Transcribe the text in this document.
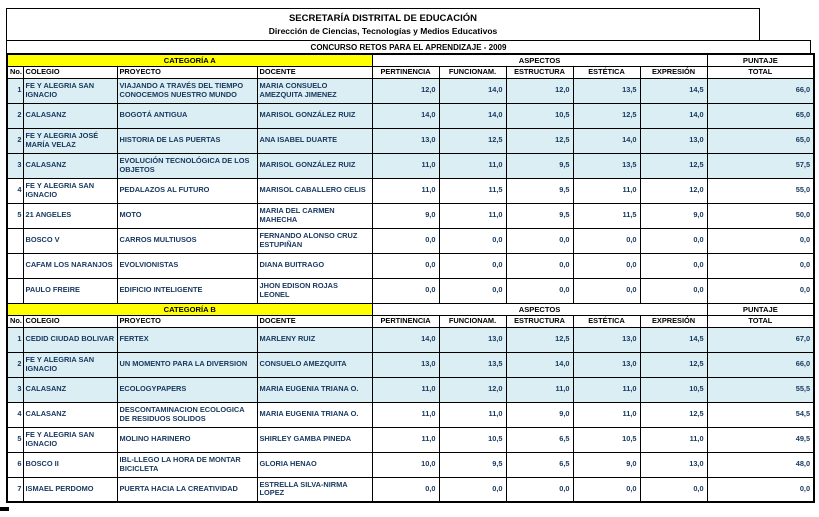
SECRETARÍA DISTRITAL DE EDUCACIÓN
Dirección de Ciencias, Tecnologías y Medios Educativos
CONCURSO RETOS PARA EL APRENDIZAJE - 2009
CATEGORÍA A				ASPECTOS					PUNTAJE
No.	COLEGIO	PROYECTO	DOCENTE	PERTINENCIA	FUNCIONAM.	ESTRUCTURA	ESTÉTICA	EXPRESIÓN	TOTAL
1	FE Y ALEGRIA SAN IGNACIO	VIAJANDO A TRAVÉS DEL TIEMPO CONOCEMOS NUESTRO MUNDO	MARIA CONSUELO AMEZQUITA JIMENEZ	12,0	14,0	12,0	13,5	14,5	66,0
2	CALASANZ	BOGOTÁ ANTIGUA	MARISOL GONZÁLEZ RUIZ	14,0	14,0	10,5	12,5	14,0	65,0
2	FE Y ALEGRIA JOSÉ MARÍA VELAZ	HISTORIA DE LAS PUERTAS	ANA ISABEL DUARTE	13,0	12,5	12,5	14,0	13,0	65,0
3	CALASANZ	EVOLUCIÓN TECNOLÓGICA DE LOS OBJETOS	MARISOL GONZÁLEZ RUIZ	11,0	11,0	9,5	13,5	12,5	57,5
4	FE Y ALEGRIA SAN IGNACIO	PEDALAZOS AL FUTURO	MARISOL CABALLERO CELIS	11,0	11,5	9,5	11,0	12,0	55,0
5	21 ANGELES	MOTO	MARIA DEL CARMEN MAHECHA	9,0	11,0	9,5	11,5	9,0	50,0
	BOSCO V	CARROS MULTIUSOS	FERNANDO ALONSO CRUZ ESTUPIÑAN	0,0	0,0	0,0	0,0	0,0	0,0
	CAFAM LOS NARANJOS	EVOLVIONISTAS	DIANA BUITRAGO	0,0	0,0	0,0	0,0	0,0	0,0
	PAULO FREIRE	EDIFICIO INTELIGENTE	JHON EDISON ROJAS LEONEL	0,0	0,0	0,0	0,0	0,0	0,0
CATEGORÍA B				ASPECTOS					PUNTAJE
No.	COLEGIO	PROYECTO	DOCENTE	PERTINENCIA	FUNCIONAM.	ESTRUCTURA	ESTÉTICA	EXPRESIÓN	TOTAL
1	CEDID CIUDAD BOLIVAR	FERTEX	MARLENY RUIZ	14,0	13,0	12,5	13,0	14,5	67,0
2	FE Y ALEGRIA SAN IGNACIO	UN MOMENTO PARA LA DIVERSION	CONSUELO AMEZQUITA	13,0	13,5	14,0	13,0	12,5	66,0
3	CALASANZ	ECOLOGYPAPERS	MARIA EUGENIA TRIANA O.	11,0	12,0	11,0	11,0	10,5	55,5
4	CALASANZ	DESCONTAMINACION ECOLOGICA DE RESIDUOS SOLIDOS	MARIA EUGENIA TRIANA O.	11,0	11,0	9,0	11,0	12,5	54,5
5	FE Y ALEGRIA SAN IGNACIO	MOLINO HARINERO	SHIRLEY GAMBA PINEDA	11,0	10,5	6,5	10,5	11,0	49,5
6	BOSCO II	IBL-LLEGO LA HORA DE MONTAR BICICLETA	GLORIA HENAO	10,0	9,5	6,5	9,0	13,0	48,0
7	ISMAEL PERDOMO	PUERTA HACIA LA CREATIVIDAD	ESTRELLA SILVA-NIRMA LOPEZ	0,0	0,0	0,0	0,0	0,0	0,0
